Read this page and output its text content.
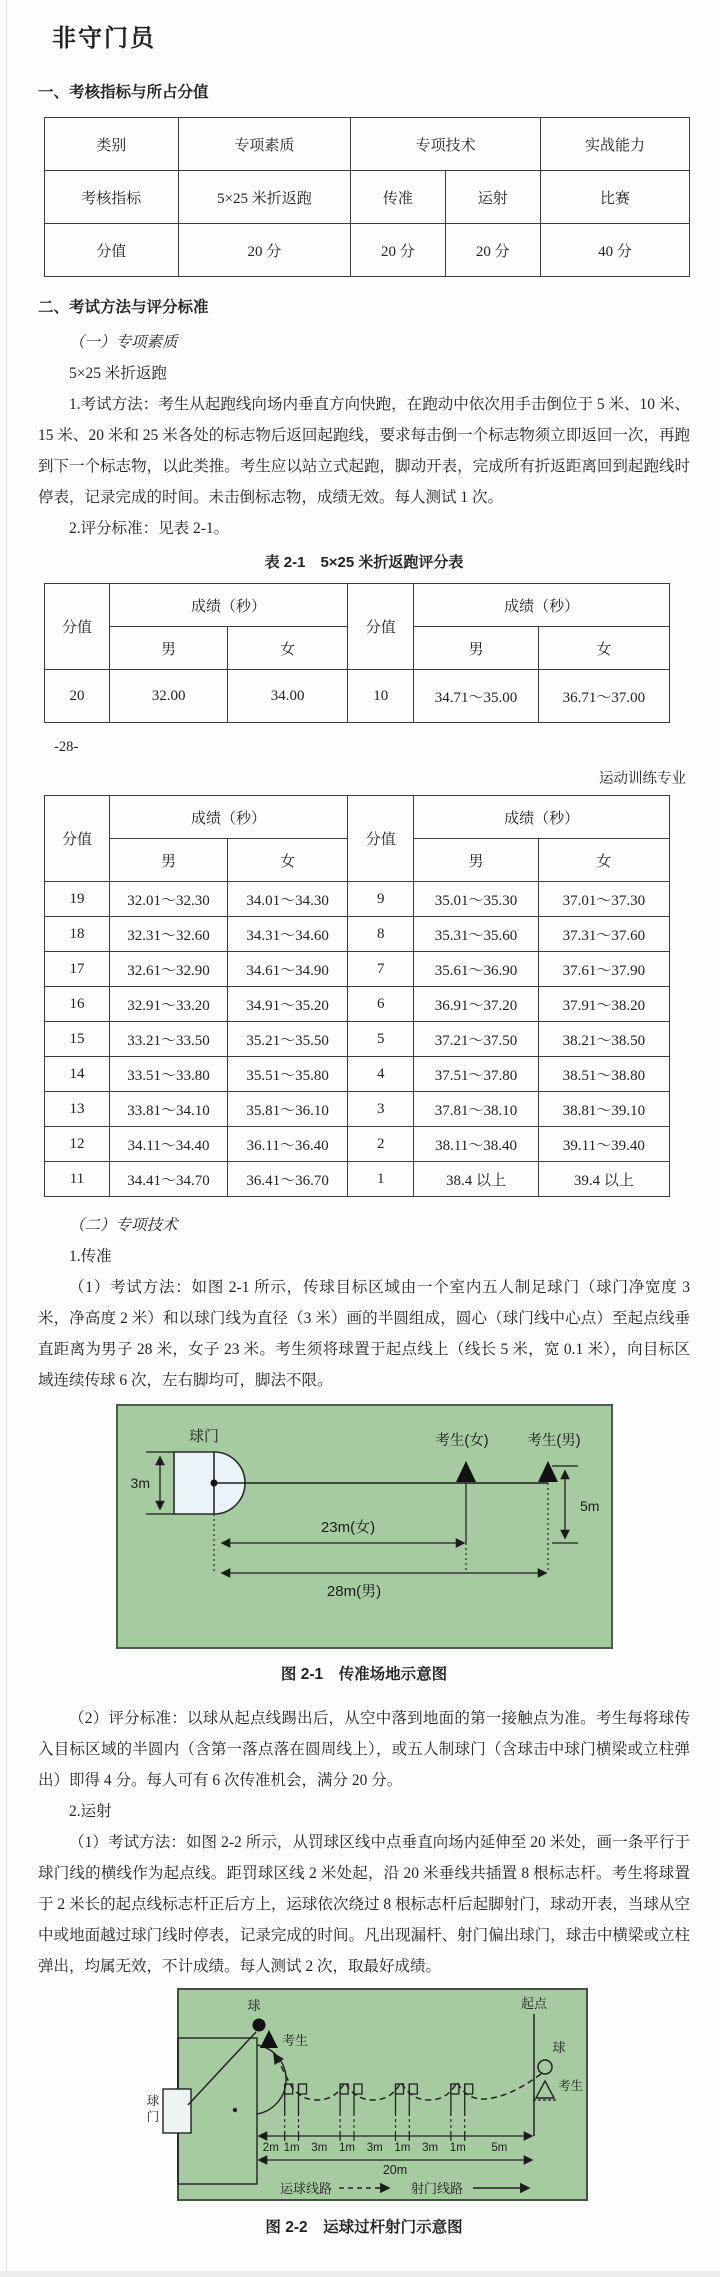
非守门员
一、考核指标与所占分值
类别	专项素质	专项技术		实战能力
考核指标	5×25 米折返跑	传准	运射	比赛
分值	20 分	20 分	20 分	40 分
二、考试方法与评分标准

（一）专项素质

5×25 米折返跑

1.考试方法：考生从起跑线向场内垂直方向快跑，在跑动中依次用手击倒位于 5 米、10 米、15 米、20 米和 25 米各处的标志物后返回起跑线，要求每击倒一个标志物须立即返回一次，再跑到下一个标志物，以此类推。考生应以站立式起跑，脚动开表，完成所有折返距离回到起跑线时停表，记录完成的时间。未击倒标志物，成绩无效。每人测试 1 次。

2.评分标准：见表 2-1。

表 2-1　5×25 米折返跑评分表

分值	成绩（秒）		分值	成绩（秒）	
	男	女		男	女
20	32.00	34.00	10	34.71～35.00	36.71～37.00

-28-

运动训练专业

分值	成绩（秒）		分值	成绩（秒）	
	男	女		男	女
19	32.01～32.30	34.01～34.30	9	35.01～35.30	37.01～37.30
18	32.31～32.60	34.31～34.60	8	35.31～35.60	37.31～37.60
17	32.61～32.90	34.61～34.90	7	35.61～36.90	37.61～37.90
16	32.91～33.20	34.91～35.20	6	36.91～37.20	37.91～38.20
15	33.21～33.50	35.21～35.50	5	37.21～37.50	38.21～38.50
14	33.51～33.80	35.51～35.80	4	37.51～37.80	38.51～38.80
13	33.81～34.10	35.81～36.10	3	37.81～38.10	38.81～39.10
12	34.11～34.40	36.11～36.40	2	38.11～38.40	39.11～39.40
11	34.41～34.70	36.41～36.70	1	38.4 以上	39.4 以上

（二）专项技术

1.传准

（1）考试方法：如图 2-1 所示，传球目标区域由一个室内五人制足球门（球门净宽度 3 米，净高度 2 米）和以球门线为直径（3 米）画的半圆组成，圆心（球门线中心点）至起点线垂直距离为男子 28 米，女子 23 米。考生须将球置于起点线上（线长 5 米，宽 0.1 米），向目标区域连续传球 6 次，左右脚均可，脚法不限。

球门
3m
考生(女)	考生(男)
23m(女)
28m(男)
5m

图 2-1　传准场地示意图

（2）评分标准：以球从起点线踢出后，从空中落到地面的第一接触点为准。考生每将球传入目标区域的半圆内（含第一落点落在圆周线上），或五人制球门（含球击中球门横梁或立柱弹出）即得 4 分。每人可有 6 次传准机会，满分 20 分。

2.运射

（1）考试方法：如图 2-2 所示，从罚球区线中点垂直向场内延伸至 20 米处，画一条平行于球门线的横线作为起点线。距罚球区线 2 米处起，沿 20 米垂线共插置 8 根标志杆。考生将球置于 2 米长的起点线标志杆正后方上，运球依次绕过 8 根标志杆后起脚射门，球动开表，当球从空中或地面越过球门线时停表，记录完成的时间。凡出现漏杆、射门偏出球门，球击中横梁或立柱弹出，均属无效，不计成绩。每人测试 2 次，取最好成绩。

球
门
球
考生
起点
球
考生
2m 1m 3m 1m 3m 1m 3m 1m 5m
20m
运球线路	射门线路

图 2-2　运球过杆射门示意图
